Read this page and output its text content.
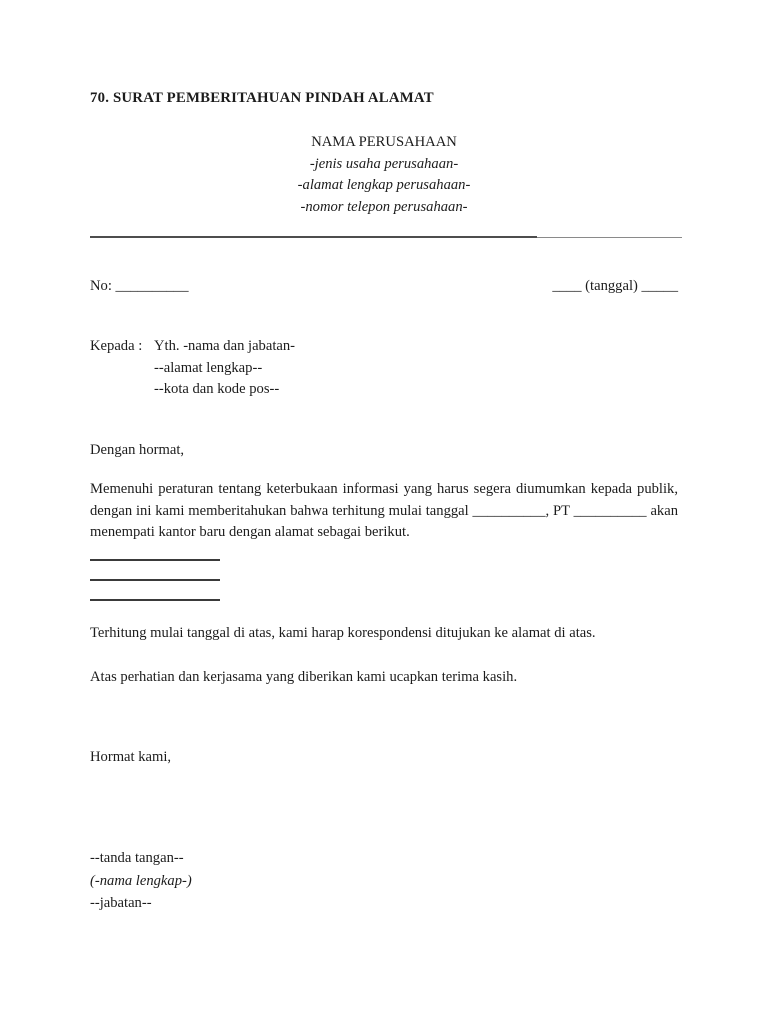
70. SURAT PEMBERITAHUAN PINDAH ALAMAT
NAMA PERUSAHAAN
-jenis usaha perusahaan-
-alamat lengkap perusahaan-
-nomor telepon perusahaan-
No: __________	____ (tanggal) _____
Kepada : Yth. -nama dan jabatan-
--alamat lengkap--
--kota dan kode pos--
Dengan hormat,
Memenuhi peraturan tentang keterbukaan informasi yang harus segera diumumkan kepada publik, dengan ini kami memberitahukan bahwa terhitung mulai tanggal __________, PT __________ akan menempati kantor baru dengan alamat sebagai berikut.
Terhitung mulai tanggal di atas, kami harap korespondensi ditujukan ke alamat di atas.
Atas perhatian dan kerjasama yang diberikan kami ucapkan terima kasih.
Hormat kami,
--tanda tangan--
(-nama lengkap-)
--jabatan--
